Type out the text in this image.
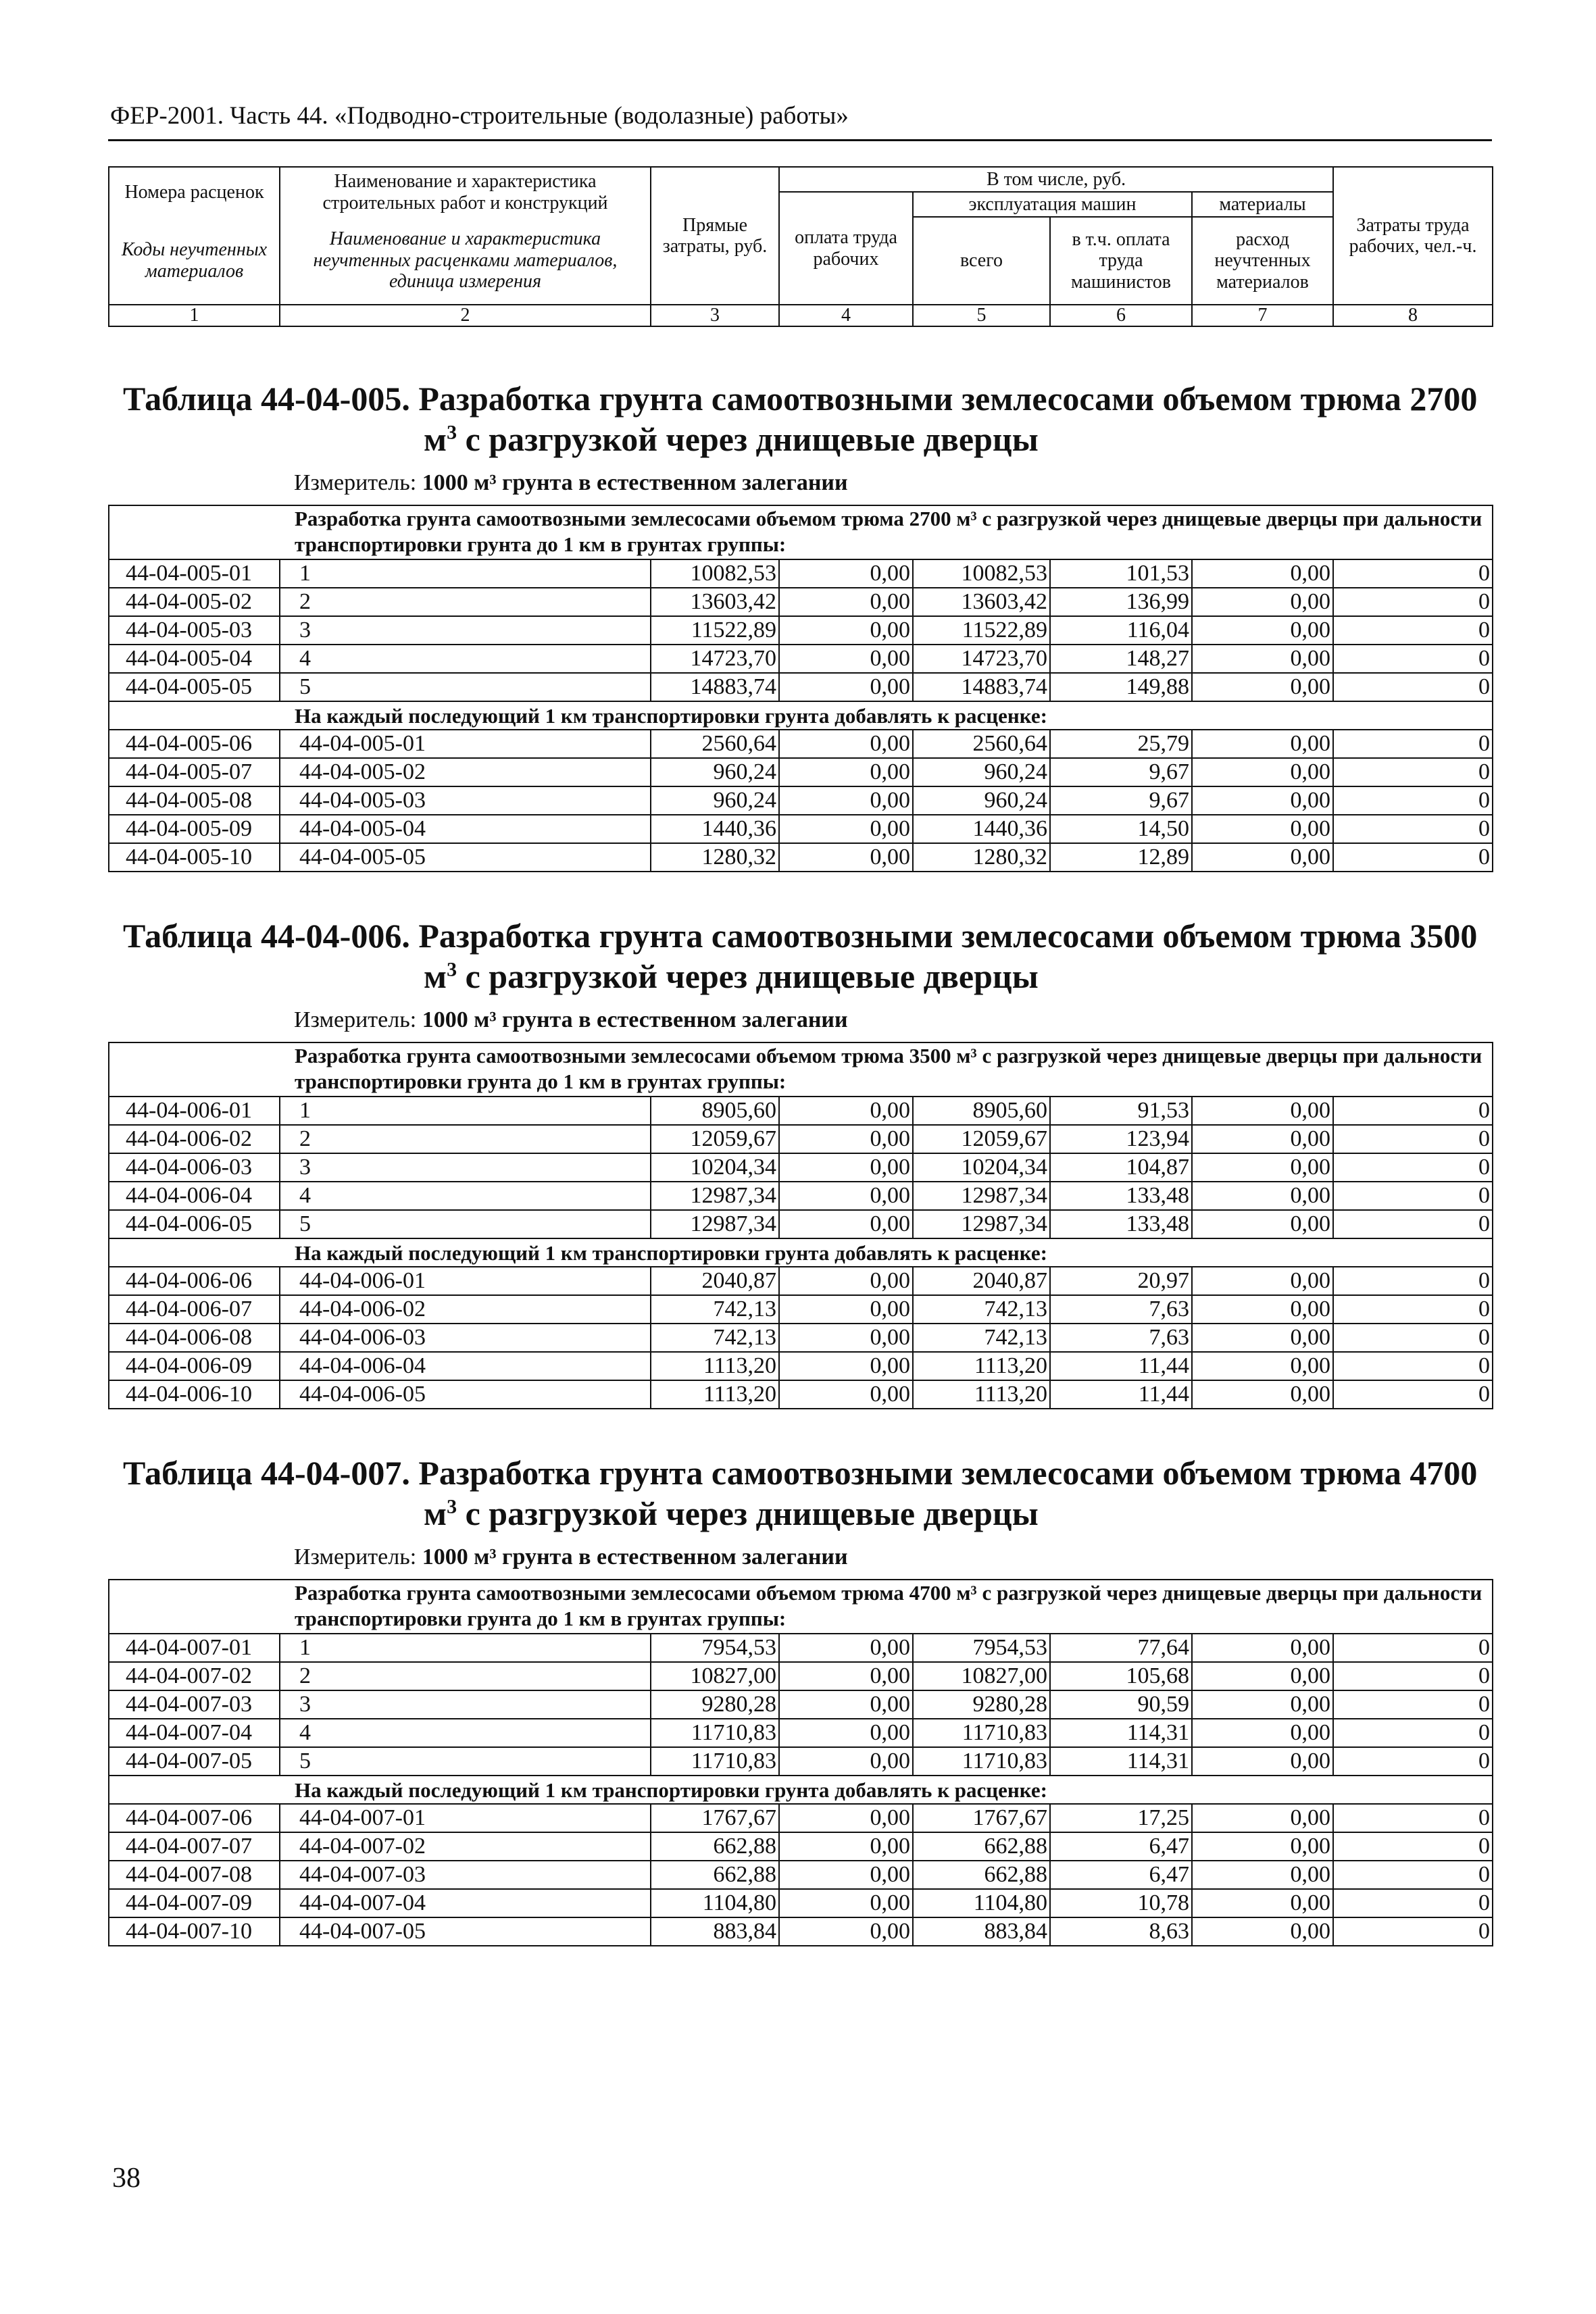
ФЕР-2001. Часть 44. «Подводно-строительные (водолазные) работы»
Номера расценок	Наименование и характеристика строительных работ и конструкций	Прямые затраты, руб.	В том числе, руб.				Затраты труда рабочих, чел.-ч.
			оплата труда рабочих	эксплуатация машин		материалы	
Коды неучтенных материалов	Наименование и характеристика неучтенных расценками материалов, единица измерения			всего	в т.ч. оплата труда машинистов	расход неучтенных материалов	

1	2	3	4	5	6	7	8
Таблица 44-04-005. Разработка грунта самоотвозными землесосами объемом трюма 2700
$м^3$ с разгрузкой через днищевые дверцы
Измеритель: 1000 м³ грунта в естественном залегании
Разработка грунта самоотвозными землесосами объемом трюма 2700 м³ с разгрузкой через днищевые дверцы при дальности транспортировки грунта до 1 км в грунтах группы:							
44-04-005-01	1	10082,53	0,00	10082,53	101,53	0,00	0
44-04-005-02	2	13603,42	0,00	13603,42	136,99	0,00	0
44-04-005-03	3	11522,89	0,00	11522,89	116,04	0,00	0
44-04-005-04	4	14723,70	0,00	14723,70	148,27	0,00	0
44-04-005-05	5	14883,74	0,00	14883,74	149,88	0,00	0
На каждый последующий 1 км транспортировки грунта добавлять к расценке:							
44-04-005-06	44-04-005-01	2560,64	0,00	2560,64	25,79	0,00	0
44-04-005-07	44-04-005-02	960,24	0,00	960,24	9,67	0,00	0
44-04-005-08	44-04-005-03	960,24	0,00	960,24	9,67	0,00	0
44-04-005-09	44-04-005-04	1440,36	0,00	1440,36	14,50	0,00	0
44-04-005-10	44-04-005-05	1280,32	0,00	1280,32	12,89	0,00	0
Таблица 44-04-006. Разработка грунта самоотвозными землесосами объемом трюма 3500
$м^3$ с разгрузкой через днищевые дверцы
Измеритель: 1000 м³ грунта в естественном залегании
Разработка грунта самоотвозными землесосами объемом трюма 3500 м³ с разгрузкой через днищевые дверцы при дальности транспортировки грунта до 1 км в грунтах группы:							
44-04-006-01	1	8905,60	0,00	8905,60	91,53	0,00	0
44-04-006-02	2	12059,67	0,00	12059,67	123,94	0,00	0
44-04-006-03	3	10204,34	0,00	10204,34	104,87	0,00	0
44-04-006-04	4	12987,34	0,00	12987,34	133,48	0,00	0
44-04-006-05	5	12987,34	0,00	12987,34	133,48	0,00	0
На каждый последующий 1 км транспортировки грунта добавлять к расценке:							
44-04-006-06	44-04-006-01	2040,87	0,00	2040,87	20,97	0,00	0
44-04-006-07	44-04-006-02	742,13	0,00	742,13	7,63	0,00	0
44-04-006-08	44-04-006-03	742,13	0,00	742,13	7,63	0,00	0
44-04-006-09	44-04-006-04	1113,20	0,00	1113,20	11,44	0,00	0
44-04-006-10	44-04-006-05	1113,20	0,00	1113,20	11,44	0,00	0
Таблица 44-04-007. Разработка грунта самоотвозными землесосами объемом трюма 4700
$м^3$ с разгрузкой через днищевые дверцы
Измеритель: 1000 м³ грунта в естественном залегании
Разработка грунта самоотвозными землесосами объемом трюма 4700 м³ с разгрузкой через днищевые дверцы при дальности транспортировки грунта до 1 км в грунтах группы:							
44-04-007-01	1	7954,53	0,00	7954,53	77,64	0,00	0
44-04-007-02	2	10827,00	0,00	10827,00	105,68	0,00	0
44-04-007-03	3	9280,28	0,00	9280,28	90,59	0,00	0
44-04-007-04	4	11710,83	0,00	11710,83	114,31	0,00	0
44-04-007-05	5	11710,83	0,00	11710,83	114,31	0,00	0
На каждый последующий 1 км транспортировки грунта добавлять к расценке:							
44-04-007-06	44-04-007-01	1767,67	0,00	1767,67	17,25	0,00	0
44-04-007-07	44-04-007-02	662,88	0,00	662,88	6,47	0,00	0
44-04-007-08	44-04-007-03	662,88	0,00	662,88	6,47	0,00	0
44-04-007-09	44-04-007-04	1104,80	0,00	1104,80	10,78	0,00	0
44-04-007-10	44-04-007-05	883,84	0,00	883,84	8,63	0,00	0
38
